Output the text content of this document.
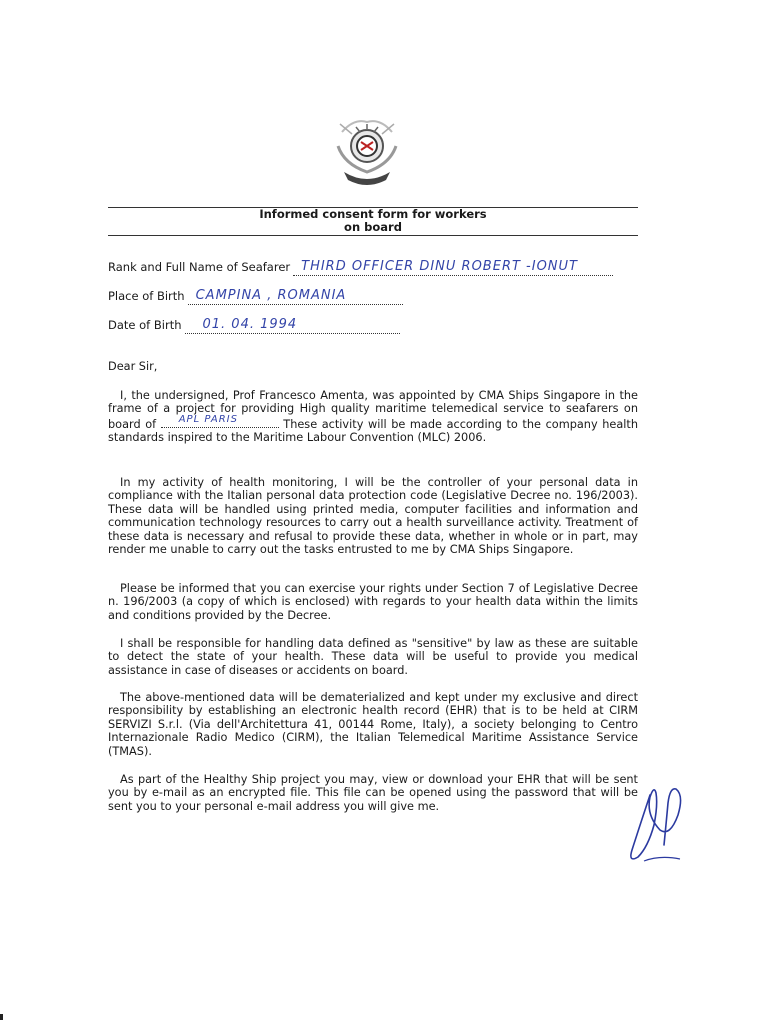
Informed consent form for workers
on board
Rank and Full Name of Seafarer THIRD OFFICER DINU ROBERT -IONUT
Place of Birth CAMPINA , ROMANIA
Date of Birth 01. 04. 1994
Dear Sir,

I, the undersigned, Prof Francesco Amenta, was appointed by CMA Ships Singapore in the frame of a project for providing High quality maritime telemedical service to seafarers on board of	APL PARIS	These activity will be made according to the company health standards inspired to the Maritime Labour Convention (MLC) 2006.

In my activity of health monitoring, I will be the controller of your personal data in compliance with the Italian personal data protection code (Legislative Decree no. 196/2003). These data will be handled using printed media, computer facilities and information and communication technology resources to carry out a health surveillance activity. Treatment of these data is necessary and refusal to provide these data, whether in whole or in part, may render me unable to carry out the tasks entrusted to me by CMA Ships Singapore.

Please be informed that you can exercise your rights under Section 7 of Legislative Decree n. 196/2003 (a copy of which is enclosed) with regards to your health data within the limits and conditions provided by the Decree.

I shall be responsible for handling data defined as "sensitive" by law as these are suitable to detect the state of your health. These data will be useful to provide you medical assistance in case of diseases or accidents on board.

The above-mentioned data will be dematerialized and kept under my exclusive and direct responsibility by establishing an electronic health record (EHR) that is to be held at CIRM SERVIZI S.r.l. (Via dell'Architettura 41, 00144 Rome, Italy), a society belonging to Centro Internazionale Radio Medico (CIRM), the Italian Telemedical Maritime Assistance Service (TMAS).

As part of the Healthy Ship project you may, view or download your EHR that will be sent you by e-mail as an encrypted file. This file can be opened using the password that will be sent you to your personal e-mail address you will give me.
